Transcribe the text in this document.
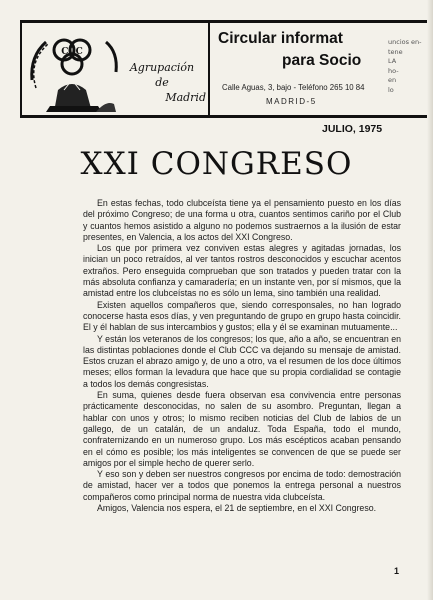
CCC
Agrupación
de
Madrid
Circular informat
para Socio
uncios en-
tene
LA
ho-
en
lo
Calle Aguas, 3, bajo - Teléfono 265 10 84
MADRID-5
JULIO, 1975
XXI CONGRESO

En estas fechas, todo clubceísta tiene ya el pensamiento puesto en los días del próximo Congreso; de una forma u otra, cuantos sentimos cariño por el Club y cuantos hemos asistido a alguno no podemos sustraernos a la ilusión de estar presentes, en Valencia, a los actos del XXI Congreso.

Los que por primera vez conviven estas alegres y agitadas jornadas, los inician un poco retraídos, al ver tantos rostros desconocidos y escuchar acentos extraños. Pero enseguida comprueban que son tratados y pueden tratar con la más absoluta confianza y camaradería; en un instante ven, por sí mismos, que la amistad entre los clubceístas no es sólo un lema, sino también una realidad.

Existen aquellos compañeros que, siendo corresponsales, no han logrado conocerse hasta esos días, y ven preguntando de grupo en grupo hasta coincidir. El y él hablan de sus intercambios y gustos; ella y él se examinan mutuamente...

Y están los veteranos de los congresos; los que, año a año, se encuentran en las distintas poblaciones donde el Club CCC va dejando su mensaje de amistad. Estos cruzan el abrazo amigo y, de uno a otro, va el resumen de los doce últimos meses; ellos forman la levadura que hace que su propia cordialidad se contagie a todos los demás congresistas.

En suma, quienes desde fuera observan esa convivencia entre personas prácticamente desconocidas, no salen de su asombro. Preguntan, llegan a hablar con unos y otros; lo mismo reciben noticias del Club de labios de un gallego, de un catalán, de un andaluz. Toda España, todo el mundo, confraternizando en un numeroso grupo. Los más escépticos acaban pensando en el cómo es posible; los más inteligentes se convencen de que se puede ser amigos por el simple hecho de querer serlo.

Y eso son y deben ser nuestros congresos por encima de todo: demostración de amistad, hacer ver a todos que ponemos la entrega personal a nuestros compañeros como principal norma de nuestra vida clubceísta.

Amigos, Valencia nos espera, el 21 de septiembre, en el XXI Congreso.

1
